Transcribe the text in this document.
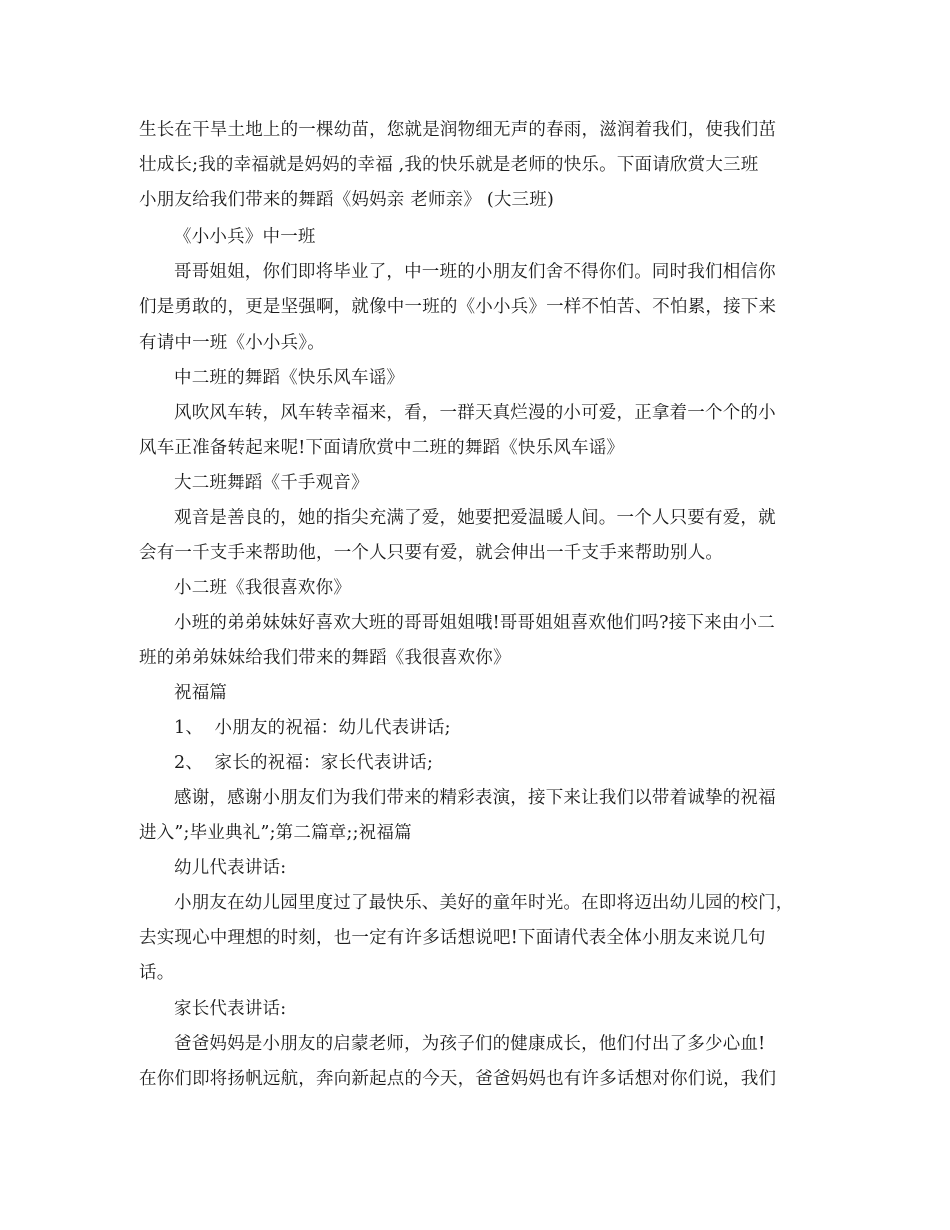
生长在干旱土地上的一棵幼苗，您就是润物细无声的春雨，滋润着我们，使我们茁
壮成长;我的幸福就是妈妈的幸福 ,我的快乐就是老师的快乐。下面请欣赏大三班
小朋友给我们带来的舞蹈《妈妈亲 老师亲》 (大三班)
《小小兵》中一班
哥哥姐姐，你们即将毕业了，中一班的小朋友们舍不得你们。同时我们相信你
们是勇敢的，更是坚强啊，就像中一班的《小小兵》一样不怕苦、不怕累，接下来
有请中一班《小小兵》。
中二班的舞蹈《快乐风车谣》
风吹风车转，风车转幸福来，看，一群天真烂漫的小可爱，正拿着一个个的小
风车正准备转起来呢!下面请欣赏中二班的舞蹈《快乐风车谣》
大二班舞蹈《千手观音》
观音是善良的，她的指尖充满了爱，她要把爱温暖人间。一个人只要有爱，就
会有一千支手来帮助他，一个人只要有爱，就会伸出一千支手来帮助别人。
小二班《我很喜欢你》
小班的弟弟妹妹好喜欢大班的哥哥姐姐哦!哥哥姐姐喜欢他们吗?接下来由小二
班的弟弟妹妹给我们带来的舞蹈《我很喜欢你》
祝福篇
1、  小朋友的祝福：幼儿代表讲话;
2、  家长的祝福：家长代表讲话;
感谢，感谢小朋友们为我们带来的精彩表演，接下来让我们以带着诚挚的祝福
进入”;毕业典礼”;第二篇章;;祝福篇
幼儿代表讲话:
小朋友在幼儿园里度过了最快乐、美好的童年时光。在即将迈出幼儿园的校门，
去实现心中理想的时刻，也一定有许多话想说吧!下面请代表全体小朋友来说几句
话。
家长代表讲话:
爸爸妈妈是小朋友的启蒙老师，为孩子们的健康成长，他们付出了多少心血!
在你们即将扬帆远航，奔向新起点的今天，爸爸妈妈也有许多话想对你们说，我们
